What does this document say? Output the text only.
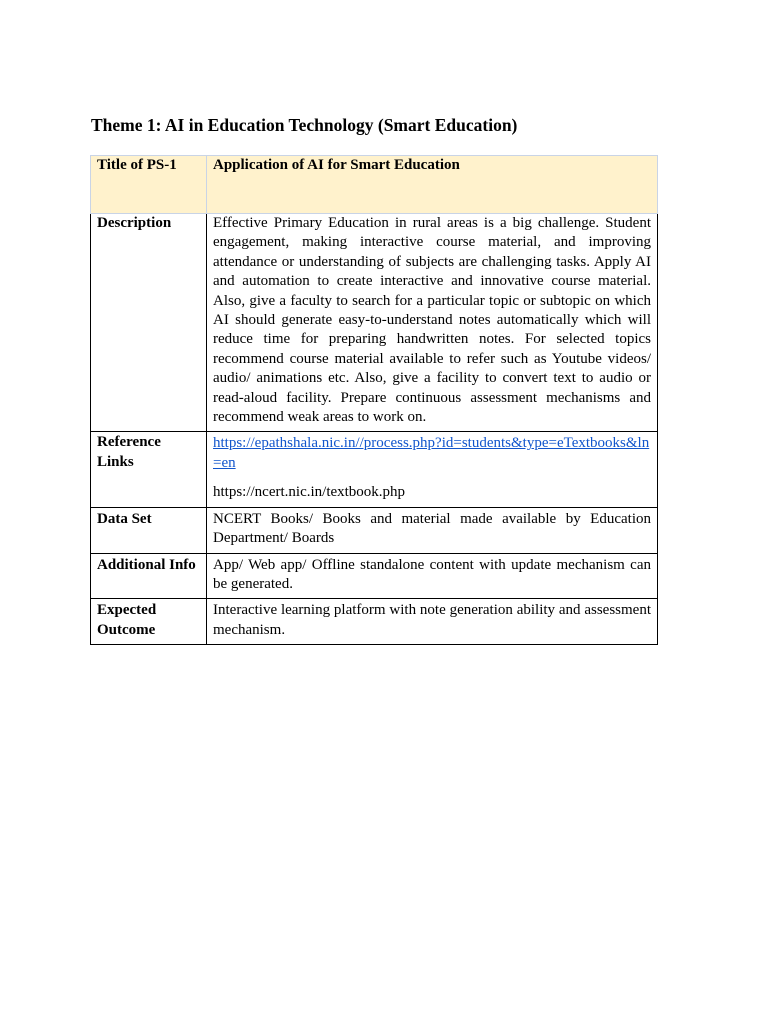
Theme 1: AI in Education Technology (Smart Education)
Title of PS-1	Application of AI for Smart Education
Description	Effective Primary Education in rural areas is a big challenge. Student engagement, making interactive course material, and improving attendance or understanding of subjects are challenging tasks. Apply AI and automation to create interactive and innovative course material. Also, give a faculty to search for a particular topic or subtopic on which AI should generate easy-to-understand notes automatically which will reduce time for preparing handwritten notes. For selected topics recommend course material available to refer such as Youtube videos/ audio/ animations etc. Also, give a facility to convert text to audio or read-aloud facility. Prepare continuous assessment mechanisms and recommend weak areas to work on.
Reference Links	https://epathshala.nic.in//process.php?id=students&type=eTextbooks&ln=en
https://ncert.nic.in/textbook.php

Data Set	NCERT Books/ Books and material made available by Education Department/ Boards
Additional Info	App/ Web app/ Offline standalone content with update mechanism can be generated.
Expected Outcome	Interactive learning platform with note generation ability and assessment mechanism.
